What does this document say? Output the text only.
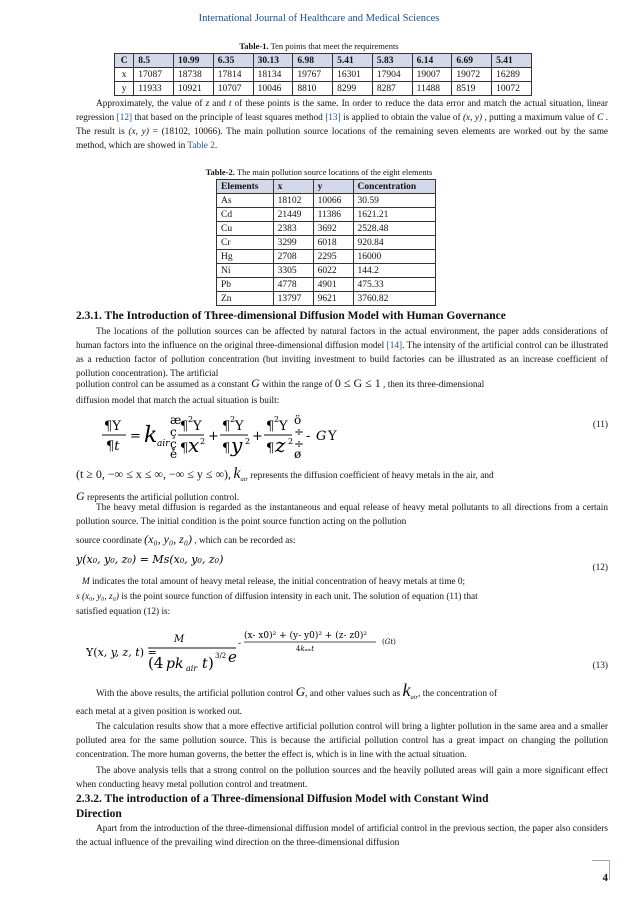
International Journal of Healthcare and Medical Sciences
Table-1. Ten points that meet the requirements
C	8.5	10.99	6.35	30.13	6.98	5.41	5.83	6.14	6.69	5.41
x	17087	18738	17814	18134	19767	16301	17904	19007	19072	16289
y	11933	10921	10707	10046	8810	8299	8287	11488	8519	10072
Approximately, the value of z and t of these points is the same. In order to reduce the data error and match the actual situation, linear regression [12] that based on the principle of least squares method [13] is applied to obtain the value of (x, y) , putting a maximum value of C . The result is (x, y) = (18102, 10066). The main pollution source locations of the remaining seven elements are worked out by the same method, which are showed in Table 2.
Table-2. The main pollution source locations of the eight elements
Elements	x	y	Concentration
As	18102	10066	30.59
Cd	21449	11386	1621.21
Cu	2383	3692	2528.48
Cr	3299	6018	920.84
Hg	2708	2295	16000
Ni	3305	6022	144.2
Pb	4778	4901	475.33
Zn	13797	9621	3760.82
2.3.1. The Introduction of Three-dimensional Diffusion Model with Human Governance
The locations of the pollution sources can be affected by natural factors in the actual environment, the paper adds considerations of human factors into the influence on the original three-dimensional diffusion model [14]. The intensity of the artificial control can be illustrated as a reduction factor of pollution concentration (but inviting investment to build factories can be illustrated as an increase coefficient of pollution concentration). The artificial
pollution control can be assumed as a constant G within the range of 0 ≤ G ≤ 1 , then its three-dimensional
diffusion model that match the actual situation is built:
¶Y
¶t
= k air
æ
ç
ç
è
¶ 2 Y
¶ x 2 +
¶ 2 Y
¶ y 2 +
¶ 2 Y
¶ z 2
ö
÷
÷
ø
- G Y
(11)
(t ≥ 0, −∞ ≤ x ≤ ∞, −∞ ≤ y ≤ ∞), $k_{air}$ represents the diffusion coefficient of heavy metals in the air, and
G represents the artificial pollution control.
The heavy metal diffusion is regarded as the instantaneous and equal release of heavy metal pollutants to all directions from a certain pollution source. The initial condition is the point source function acting on the pollution
source coordinate (x₀, y₀, z₀) , which can be recorded as:
y(x₀, y₀, z₀) = Ms(x₀, y₀, z₀)
(12)
M indicates the total amount of heavy metal release, the initial concentration of heavy metals at time 0;
s (x₀, y₀, z₀) is the point source function of diffusion intensity in each unit. The solution of equation (11) that
satisfied equation (12) is:
Y(x, y, z, t) =
M
(4 pk air t ) 3/2 e
-
(x- x0)² + (y- y0)² + (z- z0)²
4kₐᵢᵣt
(Gt)
(13)
With the above results, the artificial pollution control G, and other values such as $k_{air}$, the concentration of
each metal at a given position is worked out.
The calculation results show that a more effective artificial pollution control will bring a lighter pollution in the same area and a smaller polluted area for the same pollution source. This is because the artificial pollution control has a great impact on changing the pollution concentration. The more human governs, the better the effect is, which is in line with the actual situation.
The above analysis tells that a strong control on the pollution sources and the heavily polluted areas will gain a more significant effect when conducting heavy metal pollution control and treatment.
2.3.2. The introduction of a Three-dimensional Diffusion Model with Constant Wind
Direction
Apart from the introduction of the three-dimensional diffusion model of artificial control in the previous section, the paper also considers the actual influence of the prevailing wind direction on the three-dimensional diffusion
4
